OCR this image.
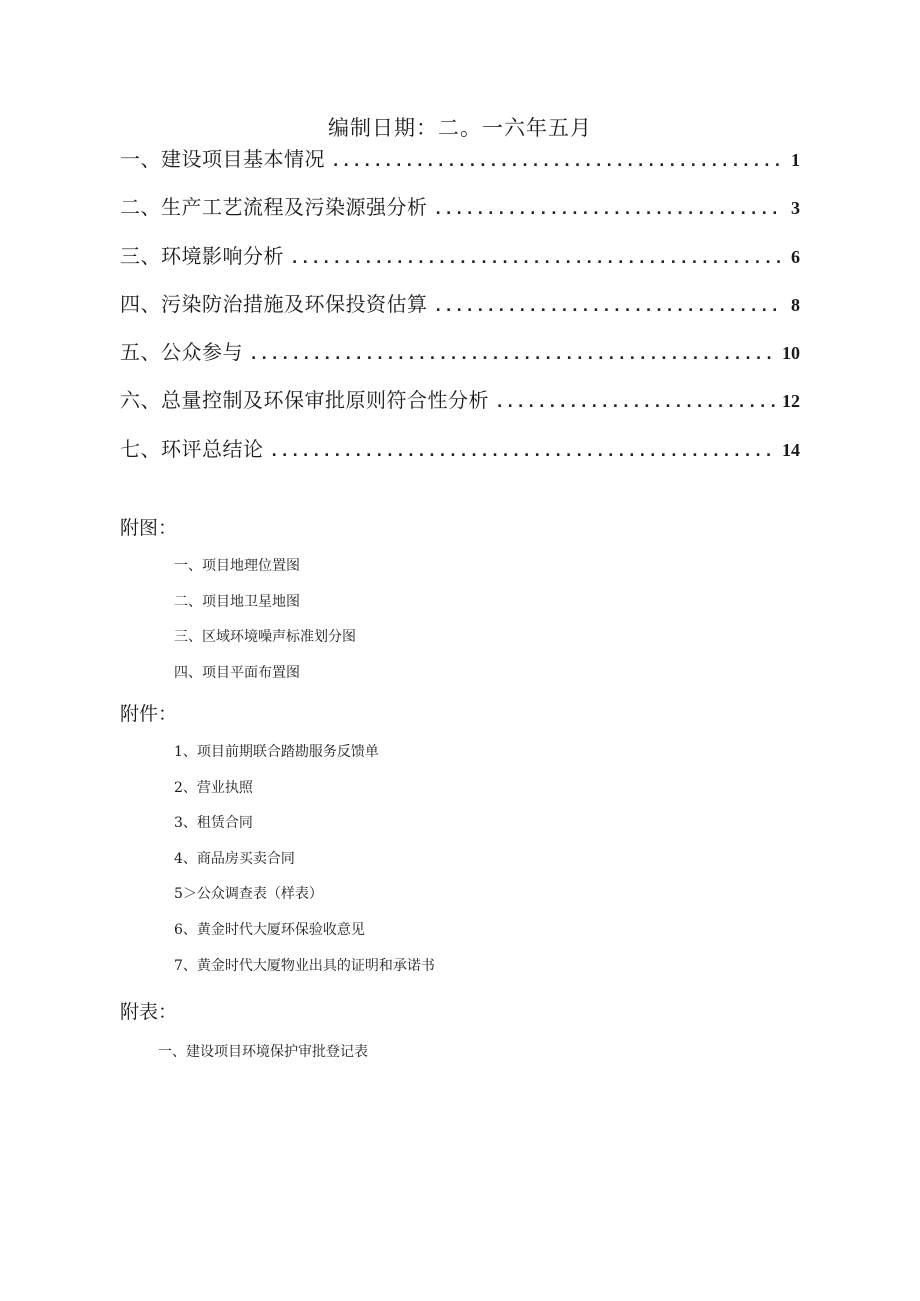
编制日期：二。一六年五月
一、建设项目基本情况 .....	1
二、生产工艺流程及污染源强分析 .....	3
三、环境影响分析 .....	6
四、污染防治措施及环保投资估算 .....	8
五、公众参与 .....	10
六、总量控制及环保审批原则符合性分析 .....	12
七、环评总结论 .....	14
附图：
一、项目地理位置图
二、项目地卫星地图
三、区域环境噪声标准划分图
四、项目平面布置图
附件：
1、项目前期联合踏勘服务反馈单
2、营业执照
3、租赁合同
4、商品房买卖合同
5＞公众调查表（样表）
6、黄金时代大厦环保验收意见
7、黄金时代大厦物业出具的证明和承诺书
附表：
一、建设项目环境保护审批登记表
